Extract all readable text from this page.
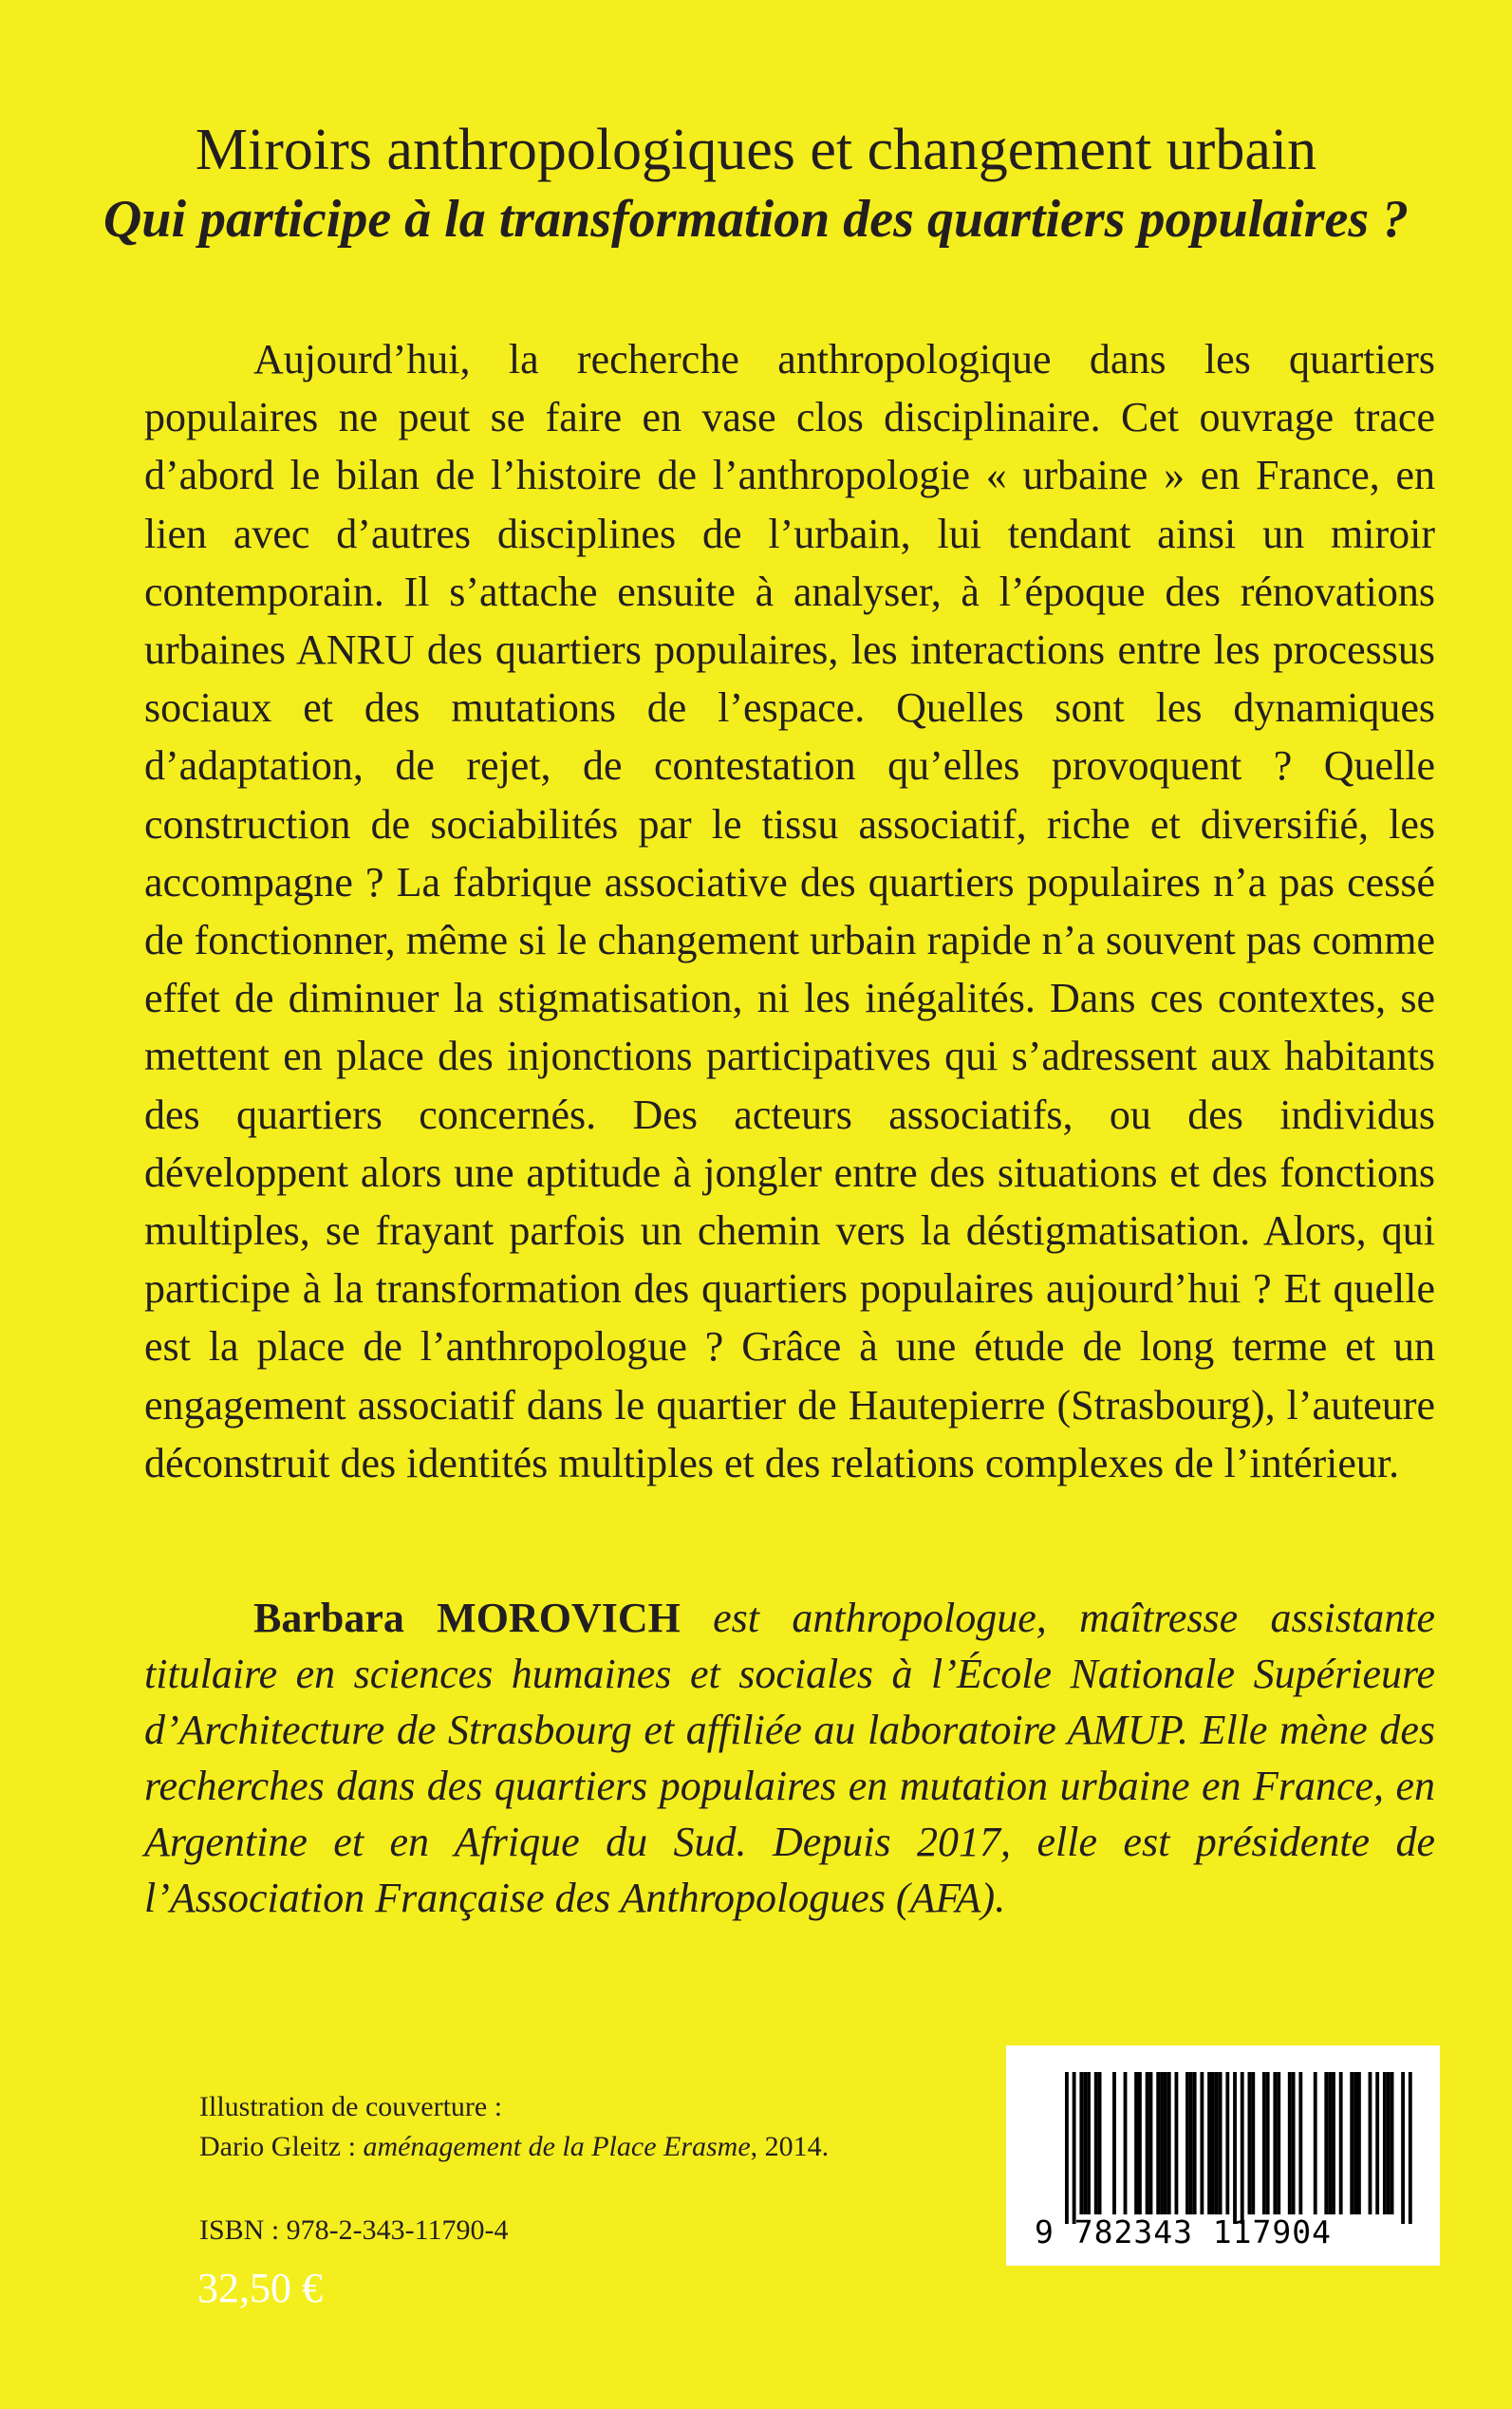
Miroirs anthropologiques et changement urbain
Qui participe à la transformation des quartiers populaires ?

Aujourd’hui, la recherche anthropologique dans les quartiers populaires ne peut se faire en vase clos disciplinaire. Cet ouvrage trace d’abord le bilan de l’histoire de l’anthropologie « urbaine » en France, en lien avec d’autres disciplines de l’urbain, lui tendant ainsi un miroir contemporain. Il s’attache ensuite à analyser, à l’époque des rénovations urbaines ANRU des quartiers populaires, les interactions entre les processus sociaux et des mutations de l’espace. Quelles sont les dynamiques d’adaptation, de rejet, de contestation qu’elles provoquent ? Quelle construction de sociabilités par le tissu associatif, riche et diversifié, les accompagne ? La fabrique associative des quartiers populaires n’a pas cessé de fonctionner, même si le changement urbain rapide n’a souvent pas comme effet de diminuer la stigmatisation, ni les inégalités. Dans ces contextes, se mettent en place des injonctions participatives qui s’adressent aux habitants des quartiers concernés. Des acteurs associatifs, ou des individus développent alors une aptitude à jongler entre des situations et des fonctions multiples, se frayant parfois un chemin vers la déstigmatisation. Alors, qui participe à la transformation des quartiers populaires aujourd’hui ? Et quelle est la place de l’anthropologue ? Grâce à une étude de long terme et un engagement associatif dans le quartier de Hautepierre (Strasbourg), l’auteure déconstruit des identités multiples et des relations complexes de l’intérieur.

Barbara MOROVICH est anthropologue, maîtresse assistante titulaire en sciences humaines et sociales à l’École Nationale Supérieure d’Architecture de Strasbourg et affiliée au laboratoire AMUP. Elle mène des recherches dans des quartiers populaires en mutation urbaine en France, en Argentine et en Afrique du Sud. Depuis 2017, elle est présidente de l’Association Française des Anthropologues (AFA).

Illustration de couverture :
Dario Gleitz : aménagement de la Place Erasme, 2014.
ISBN : 978-2-343-11790-4
32,50 €
9 782343 117904
